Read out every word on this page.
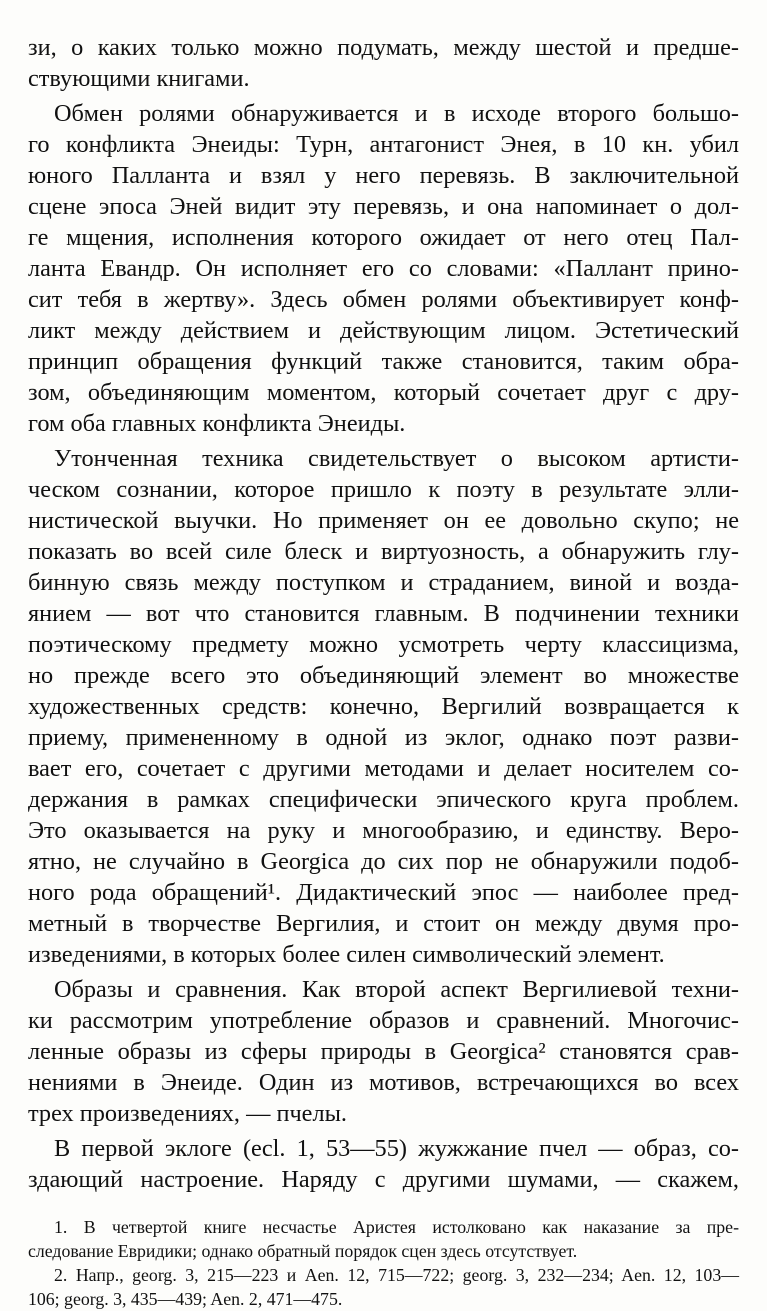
зи, о каких только можно подумать, между шестой и предше-
ствующими книгами.
Обмен ролями обнаруживается и в исходе второго большо-
го конфликта Энеиды: Турн, антагонист Энея, в 10 кн. убил
юного Палланта и взял у него перевязь. В заключительной
сцене эпоса Эней видит эту перевязь, и она напоминает о дол-
ге мщения, исполнения которого ожидает от него отец Пал-
ланта Евандр. Он исполняет его со словами: «Паллант прино-
сит тебя в жертву». Здесь обмен ролями объективирует конф-
ликт между действием и действующим лицом. Эстетический
принцип обращения функций также становится, таким обра-
зом, объединяющим моментом, который сочетает друг с дру-
гом оба главных конфликта Энеиды.
Утонченная техника свидетельствует о высоком артисти-
ческом сознании, которое пришло к поэту в результате элли-
нистической выучки. Но применяет он ее довольно скупо; не
показать во всей силе блеск и виртуозность, а обнаружить глу-
бинную связь между поступком и страданием, виной и возда-
янием — вот что становится главным. В подчинении техники
поэтическому предмету можно усмотреть черту классицизма,
но прежде всего это объединяющий элемент во множестве
художественных средств: конечно, Вергилий возвращается к
приему, примененному в одной из эклог, однако поэт разви-
вает его, сочетает с другими методами и делает носителем со-
держания в рамках специфически эпического круга проблем.
Это оказывается на руку и многообразию, и единству. Веро-
ятно, не случайно в Georgica до сих пор не обнаружили подоб-
ного рода обращений¹. Дидактический эпос — наиболее пред-
метный в творчестве Вергилия, и стоит он между двумя про-
изведениями, в которых более силен символический элемент.
Образы и сравнения. Как второй аспект Вергилиевой техни-
ки рассмотрим употребление образов и сравнений. Многочис-
ленные образы из сферы природы в Georgica² становятся срав-
нениями в Энеиде. Один из мотивов, встречающихся во всех
трех произведениях, — пчелы.
В первой эклоге (ecl. 1, 53—55) жужжание пчел — образ, со-
здающий настроение. Наряду с другими шумами, — скажем,
1. В четвертой книге несчастье Аристея истолковано как наказание за пре-
следование Евридики; однако обратный порядок сцен здесь отсутствует.
2. Напр., georg. 3, 215—223 и Aen. 12, 715—722; georg. 3, 232—234; Aen. 12, 103—
106; georg. 3, 435—439; Aen. 2, 471—475.
